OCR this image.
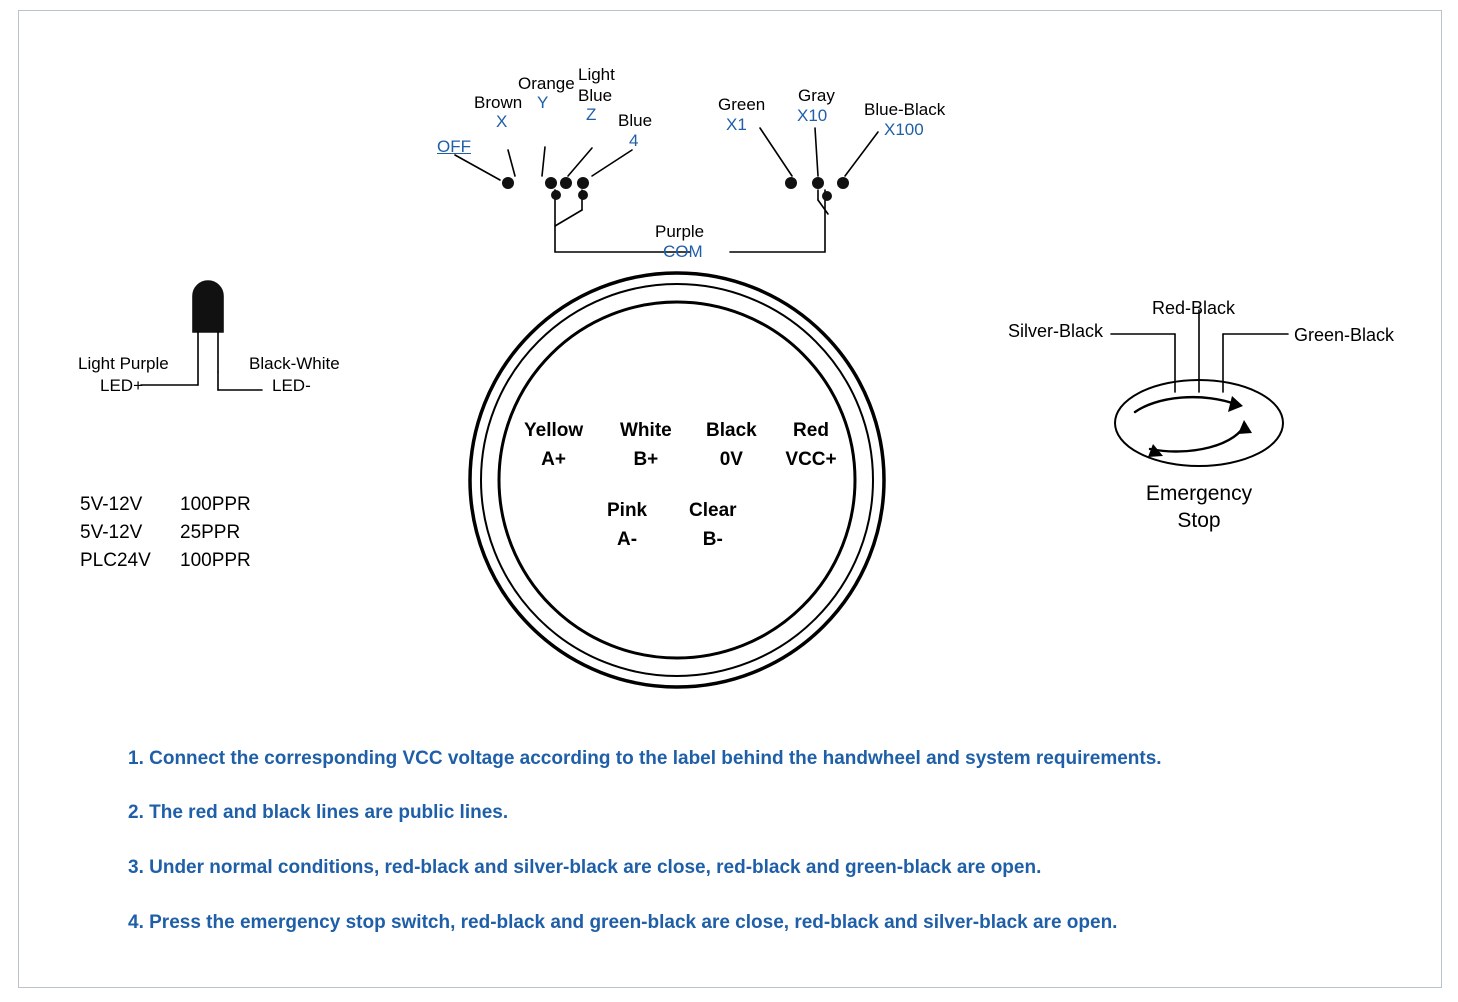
OFF
Brown
X
Orange
Y
Light Blue
Z Blue
4
Purple
COM
Green
X1
Gray
X10 Blue-Black
X100
Light Purple
LED+
Black-White
LED-
5V-12V 100PPR
5V-12V 25PPR
PLC24V 100PPR
Yellow
A+
White
B+
Black
0V
Red
VCC+
Pink
A-
Clear
B-
Silver-Black
Red-Black
Green-Black
Emergency
Stop
1. Connect the corresponding VCC voltage according to the label behind the handwheel and system requirements.
2. The red and black lines are public lines.
3. Under normal conditions, red-black and silver-black are close, red-black and green-black are open.
4. Press the emergency stop switch, red-black and green-black are close, red-black and silver-black are open.
